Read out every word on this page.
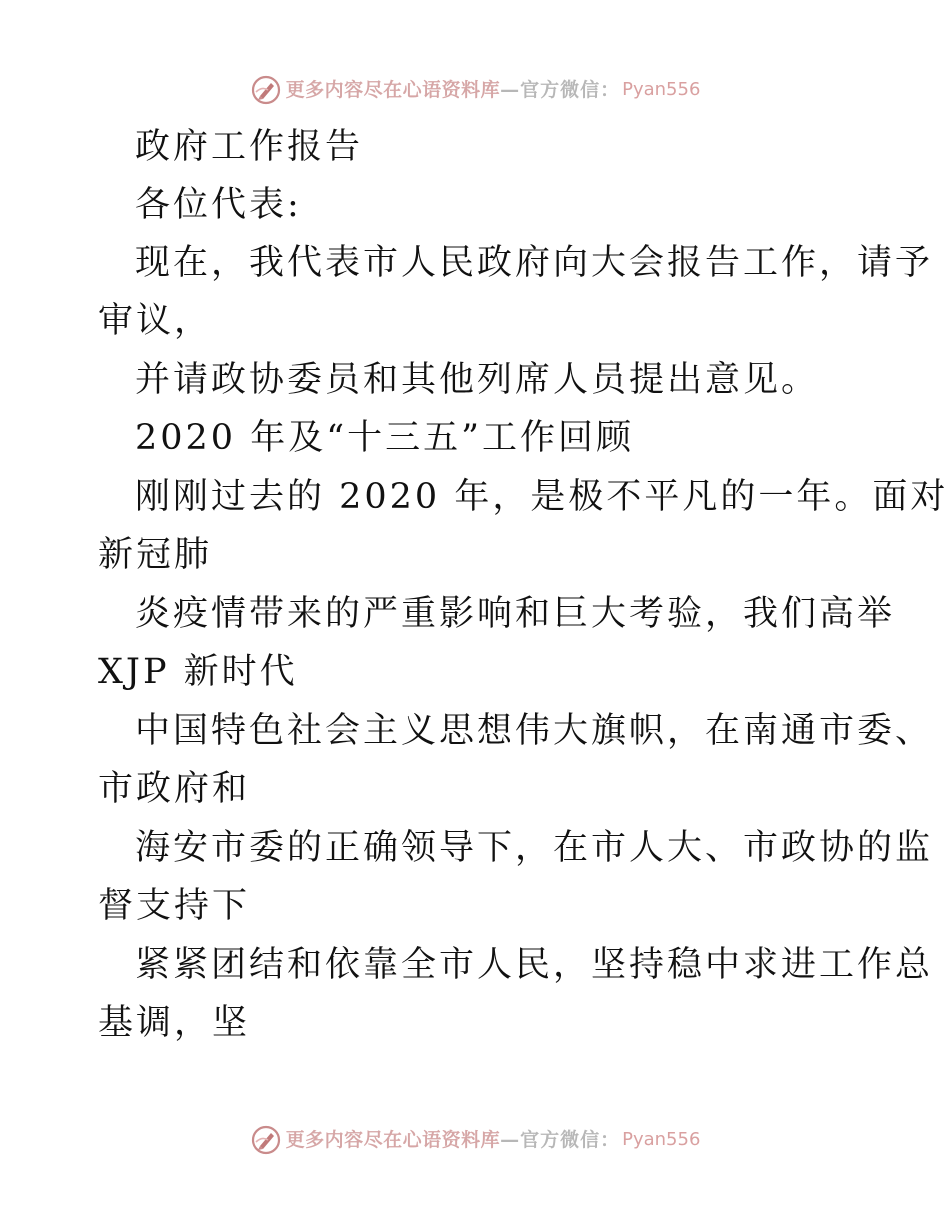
更多内容尽在心语资料库 —官方微信： Pyan556
政府工作报告
各位代表:
现在，我代表市人民政府向大会报告工作，请予
审议，
并请政协委员和其他列席人员提出意见。
2020 年及“十三五”工作回顾
刚刚过去的 2020 年，是极不平凡的一年。面对
新冠肺
炎疫情带来的严重影响和巨大考验，我们高举
XJP 新时代
中国特色社会主义思想伟大旗帜，在南通市委、
市政府和
海安市委的正确领导下，在市人大、市政协的监
督支持下
紧紧团结和依靠全市人民，坚持稳中求进工作总
基调，坚
更多内容尽在心语资料库 —官方微信： Pyan556
